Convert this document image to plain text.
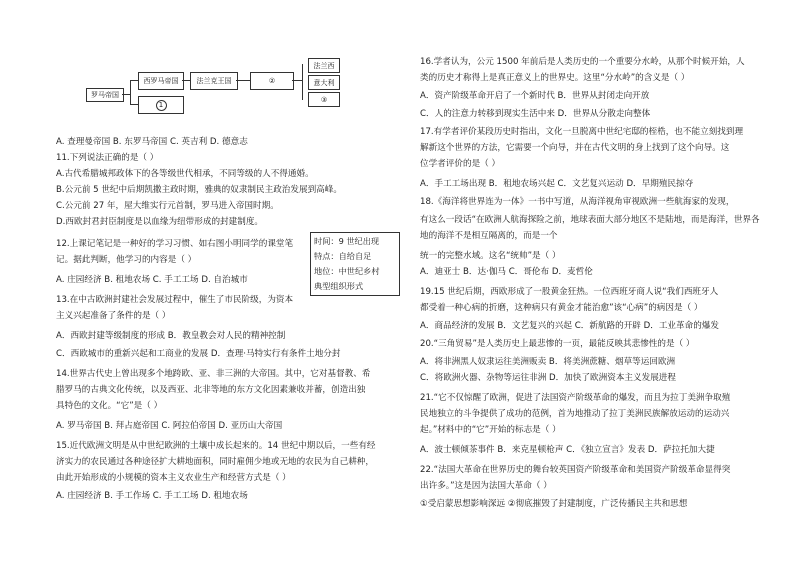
罗马帝国
西罗马帝国
1
法兰克王国	②
法兰西
意大利
③
A. 查理曼帝国 B. 东罗马帝国 C. 英吉利 D. 德意志
11.下列说法正确的是（ ）
A.古代希腊城邦政体下的各等级世代相承，不同等级的人不得通婚。
B.公元前 5 世纪中后期凯撒主政时期，雅典的奴隶制民主政治发展到高峰。
C.公元前 27 年，屋大维实行元首制，罗马进入帝国时期。
D.西欧封君封臣制度是以血缘为纽带形成的封建制度。
12.上课记笔记是一种好的学习习惯、如右图小明同学的课堂笔
记。据此判断，他学习的内容是（ ）
A. 庄园经济 B. 租地农场 C. 手工工场 D. 自治城市
13.在中古欧洲封建社会发展过程中，催生了市民阶级，为资本
主义兴起准备了条件的是（ ）
A．西欧封建等级制度的形成 B．教皇教会对人民的精神控制
C．西欧城市的重新兴起和工商业的发展 D．查理·马特实行有条件土地分封
14.世界古代史上曾出现多个地跨欧、亚、非三洲的大帝国。其中，它对基督教、希
腊罗马的古典文化传统，以及西亚、北非等地的东方文化因素兼收并蓄，创造出独
具特色的文化。“它”是（ ）
A. 罗马帝国 B. 拜占庭帝国 C. 阿拉伯帝国 D. 亚历山大帝国
15.近代欧洲文明是从中世纪欧洲的土壤中成长起来的。14 世纪中期以后，一些有经
济实力的农民通过各种途径扩大耕地面积，同时雇佣少地或无地的农民为自己耕种，
由此开始形成的小规模的资本主义农业生产和经营方式是（ ）
A. 庄园经济 B. 手工作场 C. 手工工场 D. 租地农场
时间：9 世纪出现
特点：自给自足
地位：中世纪乡村
典型组织形式
16.学者认为，公元 1500 年前后是人类历史的一个重要分水岭，从那个时候开始，人
类的历史才称得上是真正意义上的世界史。这里“分水岭”的含义是（ ）
A．资产阶级革命开启了一个新时代 B．世界从封闭走向开放
C．人的注意力转移到现实生活中来 D．世界从分散走向整体
17.有学者评价某段历史时指出，文化一旦脱离中世纪宅邸的桎梏，也不能立刻找到理
解新这个世界的方法，它需要一个向导，并在古代文明的身上找到了这个向导。这
位学者评价的是（ ）
A．手工工场出现 B．租地农场兴起 C．文艺复兴运动 D．早期殖民掠夺
18.《海洋将世界连为一体》一书中写道，从海洋视角审视欧洲一些航海家的发现，
有这么一段话“在欧洲人航海探险之前，地球表面大部分地区不是陆地，而是海洋，世界各地的海洋不是相互隔离的，而是一个
统一的完整水域。这名“统帅”是（ ）
A．迪亚士 B．达·伽马 C．哥伦布 D．麦哲伦
19.15 世纪后期，西欧形成了一股黄金狂热。一位西班牙商人说“我们西班牙人
都受着一种心病的折磨，这种病只有黄金才能治愈”该“心病”的病因是（ ）
A．商品经济的发展 B．文艺复兴的兴起 C．新航路的开辟 D．工业革命的爆发
20.“三角贸易”是人类历史上最悲惨的一页，最能反映其悲惨性的是（ ）
A．将非洲黑人奴隶运往美洲贩卖 B．将美洲蔗糖、烟草等运回欧洲
C．将欧洲火器、杂物等运往非洲 D．加快了欧洲资本主义发展进程
21.“它不仅惊醒了欧洲，促进了法国资产阶级革命的爆发，而且为拉丁美洲争取殖
民地独立的斗争提供了成功的范例，首为地推动了拉丁美洲民族解放运动的运动兴
起。”材料中的“它”开始的标志是（ ）
A．波士顿倾茶事件 B．来克星顿枪声 C．《独立宣言》发表 D．萨拉托加大捷
22.“法国大革命在世界历史的舞台较英国资产阶级革命和美国资产阶级革命显得突
出许多。”这是因为法国大革命（ ）
①受启蒙思想影响深远 ②彻底摧毁了封建制度，广泛传播民主共和思想
